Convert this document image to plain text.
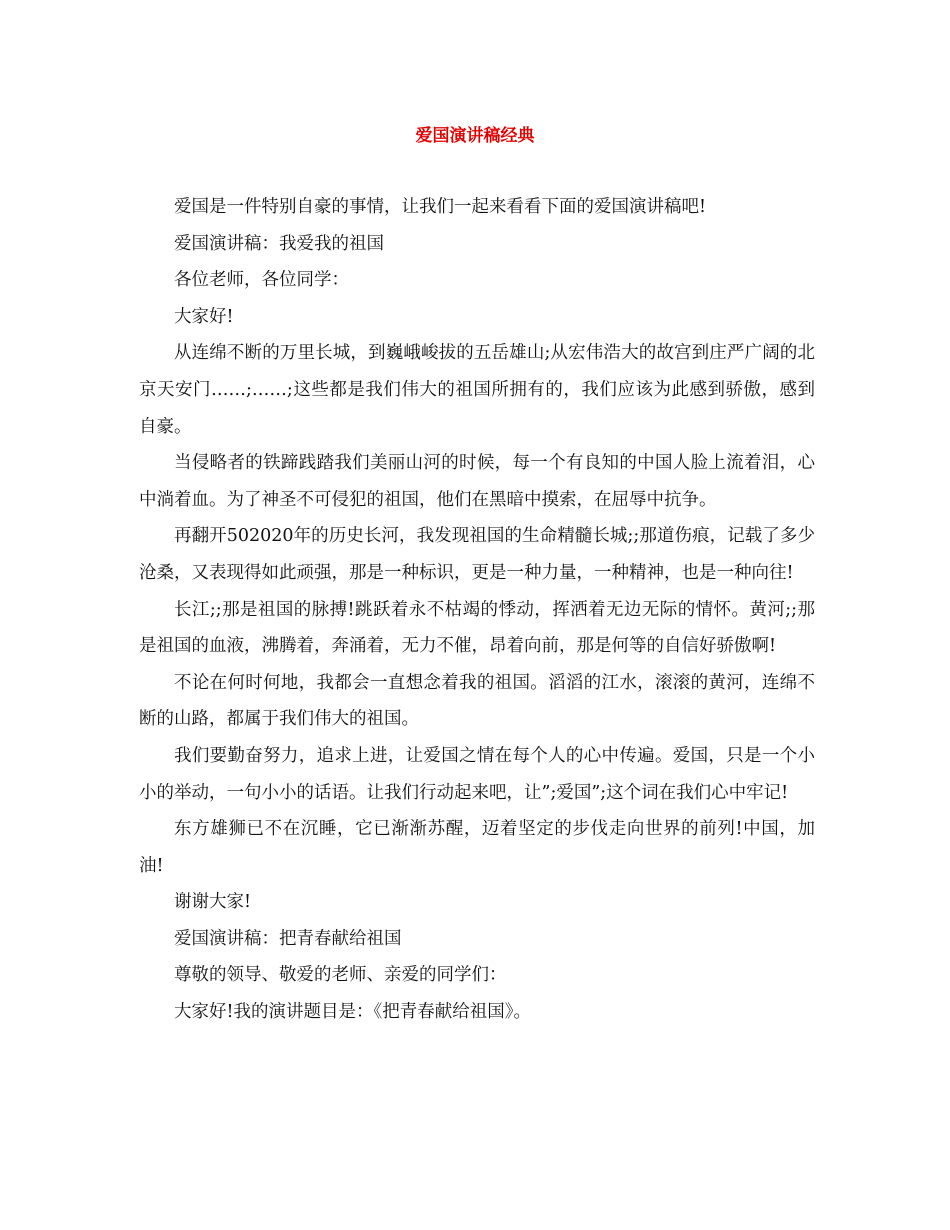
爱国演讲稿经典

爱国是一件特别自豪的事情，让我们一起来看看下面的爱国演讲稿吧!

爱国演讲稿：我爱我的祖国

各位老师，各位同学：

大家好!

从连绵不断的万里长城，到巍峨峻拔的五岳雄山;从宏伟浩大的故宫到庄严广阔的北京天安门……;……;这些都是我们伟大的祖国所拥有的，我们应该为此感到骄傲，感到自豪。

当侵略者的铁蹄践踏我们美丽山河的时候，每一个有良知的中国人脸上流着泪，心中淌着血。为了神圣不可侵犯的祖国，他们在黑暗中摸索，在屈辱中抗争。

再翻开502020年的历史长河，我发现祖国的生命精髓长城;;那道伤痕，记载了多少沧桑，又表现得如此顽强，那是一种标识，更是一种力量，一种精神，也是一种向往!

长江;;那是祖国的脉搏!跳跃着永不枯竭的悸动，挥洒着无边无际的情怀。黄河;;那是祖国的血液，沸腾着，奔涌着，无力不催，昂着向前，那是何等的自信好骄傲啊!

不论在何时何地，我都会一直想念着我的祖国。滔滔的江水，滚滚的黄河，连绵不断的山路，都属于我们伟大的祖国。

我们要勤奋努力，追求上进，让爱国之情在每个人的心中传遍。爱国，只是一个小小的举动，一句小小的话语。让我们行动起来吧，让”;爱国”;这个词在我们心中牢记!

东方雄狮已不在沉睡，它已渐渐苏醒，迈着坚定的步伐走向世界的前列!中国，加油!

谢谢大家!

爱国演讲稿：把青春献给祖国

尊敬的领导、敬爱的老师、亲爱的同学们：

大家好!我的演讲题目是：《把青春献给祖国》。
